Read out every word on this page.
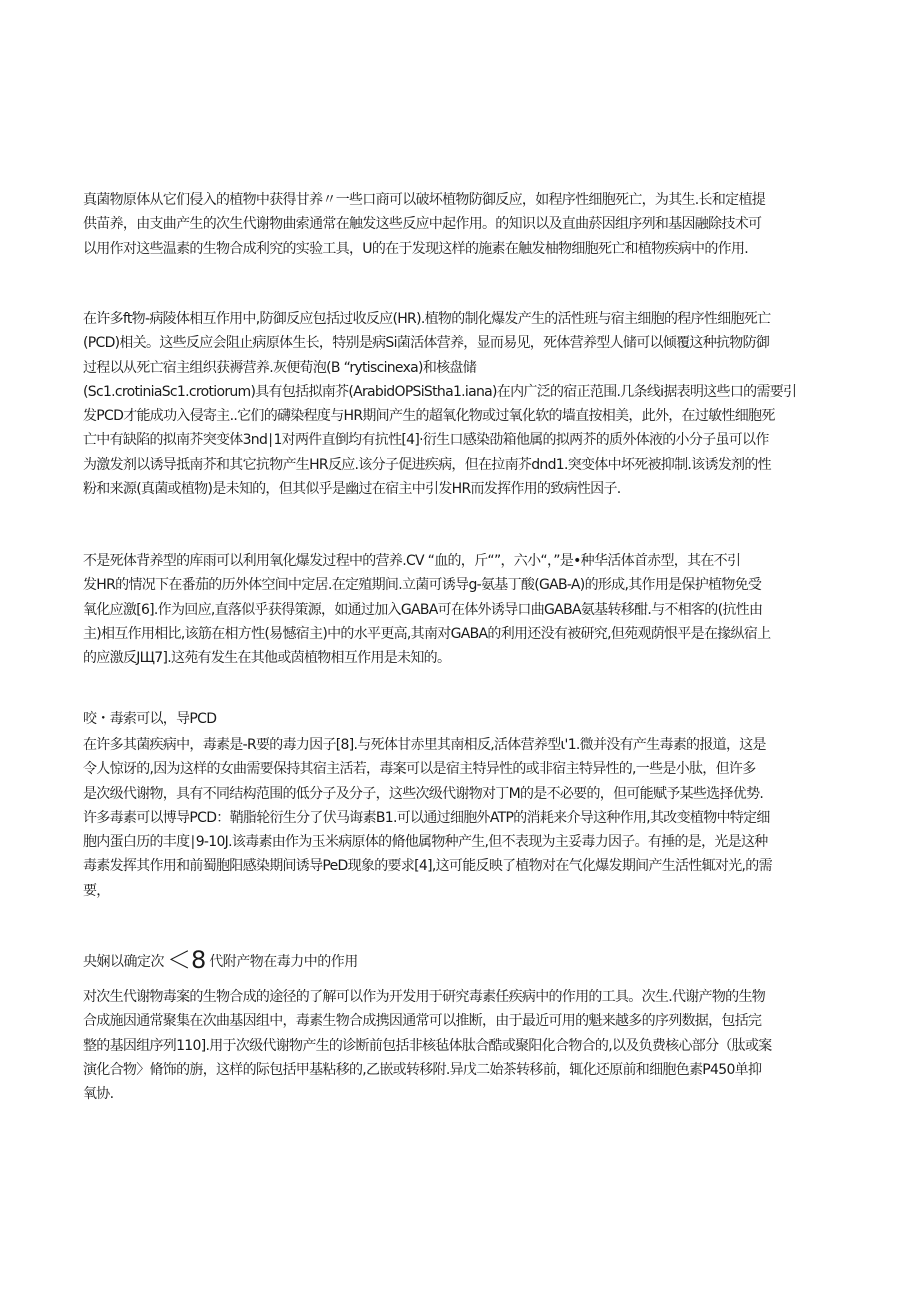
真菌物原体从它们侵入的植物中获得甘养〃一些口商可以破坏植物防御反应，如程序性细胞死亡，为其生.长和定植提
供苗养，由支曲产生的次生代谢物曲索通常在触发这些反应中起作用。的知识以及直曲菸因组序列和基因融除技术可
以用作对这些温素的生物合成利究的实验工具，U的在于发现这样的施素在触发柚物细胞死亡和植物疾病中的作用.
在许多ft物-病陵体相互作用中,防御反应包括过收反应(HR).植物的制化爆发产生的活性班与宿主细胞的程序性细胞死亡
(PCD)相关。这些反应会阻止病原体生长，特别是病Si菌活体营养，显而易见，死体营养型人储可以倾覆这种抗物防御
过程以从死亡宿主组织获褥营养.灰便荀泡(B “rytiscinexa)和核盘储
(Sc1.crotiniaSc1.crotiorum)具有包括拟南芥(ArabidOPSiStha1.iana)在内广泛的宿正范围.几条线i据表明这些口的需要引
发PCD才能成功入侵寄主..它们的礴染程度与HR期间产生的超氧化物或过氧化软的墙直按相美，此外，在过敏性细胞死
亡中有缺陷的拟南芥突变体3nd∣1对两件直倒均有抗性[4]·衍生口感染劭箱他属的拟两芥的质外体液的小分子虽可以作
为激发剂以诱导抵南芥和其它抗物产生HR反应.该分子促进疾病，但在拉南芥dnd1.突变体中坏死被抑制.该诱发剂的性
粉和来源(真菌或植物)是未知的，但其似乎是幽过在宿主中引发HR而发挥作用的致病性因子.
不是死体背养型的库雨可以利用氧化爆发过程中的营养.CV “血的，斤“”，六小“，”是•种华活体首赤型，其在不引
发HR的情况下在番茄的历外体空间中定居.在定殖期间.立菌可诱导g-氨基丁酸(GAB-A)的形成,其作用是保护植物免受
氧化应激[6].作为回应,直落似乎获得策源，如通过加入GABA可在体外诱导口曲GABA氨基转移酣.与不相客的(抗性由
主)相互作用相比,该筋在相方性(易憾宿主)中的水平更高,其南对GABA的利用还没有被研究,但苑观荫恨平是在掾纵宿上
的应激反JЩ7].这苑有发生在其他或茵植物相互作用是未知的。
咬・毒索可以，导PCD
在许多其菌疾病中，毒素是-R要的毒力因子[8].与死体甘赤里其南相反,活体营养型ι'1.微并没有产生毒素的报道，这是
令人惊讶的,因为这样的女曲需要保持其宿主活若，毒案可以是宿主特异性的或非宿主特异性的,一些是小肽，但许多
是次级代谢物，具有不同结构范围的低分子及分子，这些次级代谢物对丁M的是不必要的，但可能赋予某些选择优势.
许多毒素可以博导PCD：鞘脂轮衍生分了伏马诲素B1.可以通过细胞外ATP的消耗来介导这种作用,其改变植物中特定细
胞内蛋白历的丰度∣9-10J.该毒素由作为玉米病原体的脩他属物种产生,但不表现为主妥毒力因子。有捶的是，光是这种
毒素发挥其作用和前蜀胞阳感染期间诱导PeD现象的要求[4],这可能反映了植物对在气化爆发期间产生活性辄对光,的需
要，
央娴以确定次 ＜8 代附产物在毒力中的作用
对次生代谢物毒案的生物合成的途径的了解可以作为开发用于研究毒素任疾病中的作用的工具。次生.代谢产物的生物
合成施因通常聚集在次曲基因组中，毒素生物合成携因通常可以推断，由于最近可用的魁来越多的序列数据，包括完
整的基因组序列110].用于次级代谢物产生的诊断前包括非核毡体肽合酷或聚阳化合物合的,以及负费核心部分（肽或案
演化合物〉脩饰的旃，这样的际包括甲基粘移的,乙嵌或转移附.异戊二始茶转移前，辄化还原前和细胞色素P450单抑
氧协.
